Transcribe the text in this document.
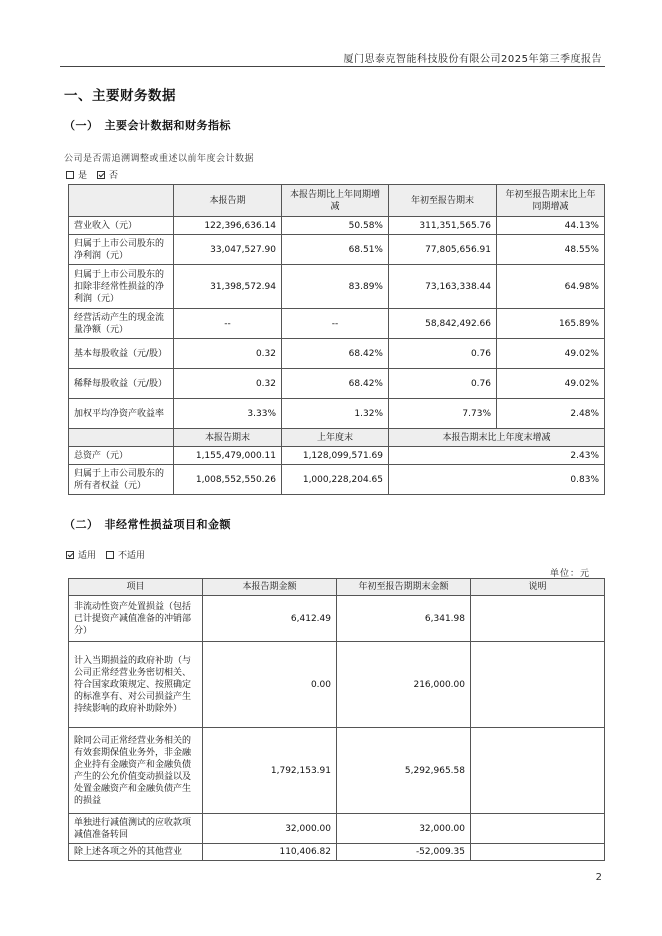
厦门思泰克智能科技股份有限公司2025年第三季度报告
一、主要财务数据
（一）　主要会计数据和财务指标
公司是否需追溯调整或重述以前年度会计数据
是 否
	本报告期	本报告期比上年同期增减	年初至报告期末	年初至报告期末比上年同期增减
营业收入（元）	122,396,636.14	50.58%	311,351,565.76	44.13%
归属于上市公司股东的净利润（元）	33,047,527.90	68.51%	77,805,656.91	48.55%
归属于上市公司股东的扣除非经常性损益的净利润（元）	31,398,572.94	83.89%	73,163,338.44	64.98%
经营活动产生的现金流量净额（元）	--	--	58,842,492.66	165.89%
基本每股收益（元/股）	0.32	68.42%	0.76	49.02%
稀释每股收益（元/股）	0.32	68.42%	0.76	49.02%
加权平均净资产收益率	3.33%	1.32%	7.73%	2.48%
	本报告期末	上年度末	本报告期末比上年度末增减	
总资产（元）	1,155,479,000.11	1,128,099,571.69	2.43%	
归属于上市公司股东的所有者权益（元）	1,008,552,550.26	1,000,228,204.65	0.83%	
（二）　非经常性损益项目和金额
适用 不适用
单位：元
项目	本报告期金额	年初至报告期期末金额	说明
非流动性资产处置损益（包括已计提资产减值准备的冲销部分）	6,412.49	6,341.98	
计入当期损益的政府补助（与公司正常经营业务密切相关、符合国家政策规定、按照确定的标准享有、对公司损益产生持续影响的政府补助除外）	0.00	216,000.00	
除同公司正常经营业务相关的有效套期保值业务外，非金融企业持有金融资产和金融负债产生的公允价值变动损益以及处置金融资产和金融负债产生的损益	1,792,153.91	5,292,965.58	
单独进行减值测试的应收款项减值准备转回	32,000.00	32,000.00	
除上述各项之外的其他营业	110,406.82	-52,009.35	
2
